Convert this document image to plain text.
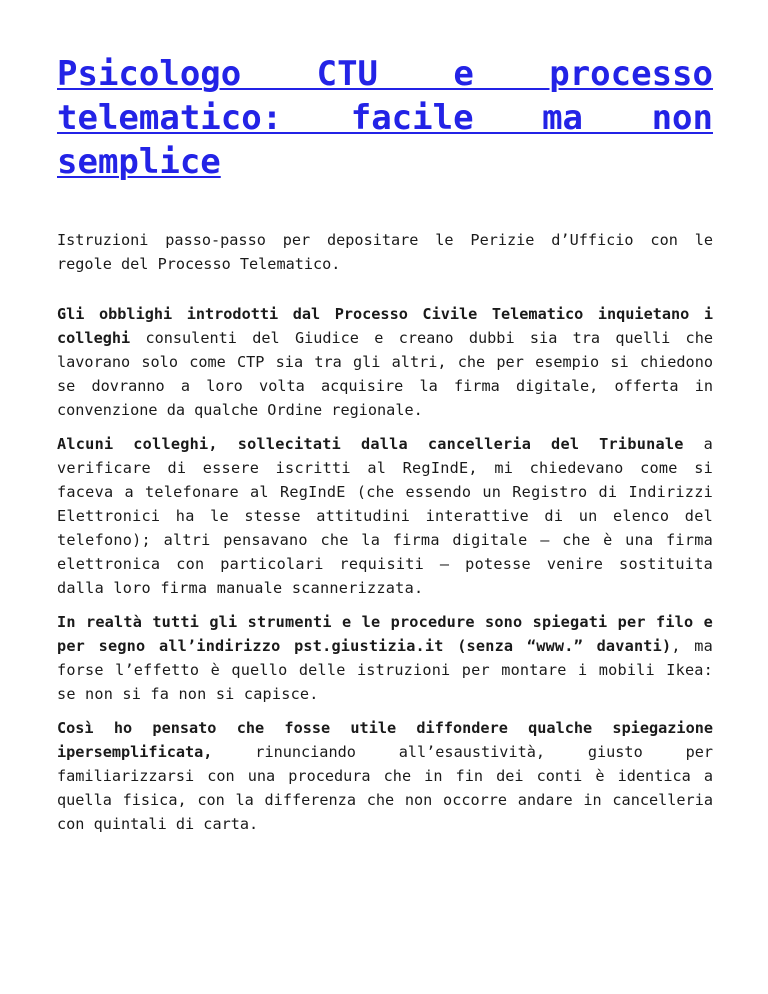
Psicologo CTU e processo telematico: facile ma non semplice

Istruzioni passo-passo per depositare le Perizie d’Ufficio con le regole del Processo Telematico.

Gli obblighi introdotti dal Processo Civile Telematico inquietano i colleghi consulenti del Giudice e creano dubbi sia tra quelli che lavorano solo come CTP sia tra gli altri, che per esempio si chiedono se dovranno a loro volta acquisire la firma digitale, offerta in convenzione da qualche Ordine regionale.

Alcuni colleghi, sollecitati dalla cancelleria del Tribunale a verificare di essere iscritti al RegIndE, mi chiedevano come si faceva a telefonare al RegIndE (che essendo un Registro di Indirizzi Elettronici ha le stesse attitudini interattive di un elenco del telefono); altri pensavano che la firma digitale – che è una firma elettronica con particolari requisiti – potesse venire sostituita dalla loro firma manuale scannerizzata.

In realtà tutti gli strumenti e le procedure sono spiegati per filo e per segno all’indirizzo pst.giustizia.it (senza “www.” davanti), ma forse l’effetto è quello delle istruzioni per montare i mobili Ikea: se non si fa non si capisce.

Così ho pensato che fosse utile diffondere qualche spiegazione ipersemplificata, rinunciando all’esaustività, giusto per familiarizzarsi con una procedura che in fin dei conti è identica a quella fisica, con la differenza che non occorre andare in cancelleria con quintali di carta.
